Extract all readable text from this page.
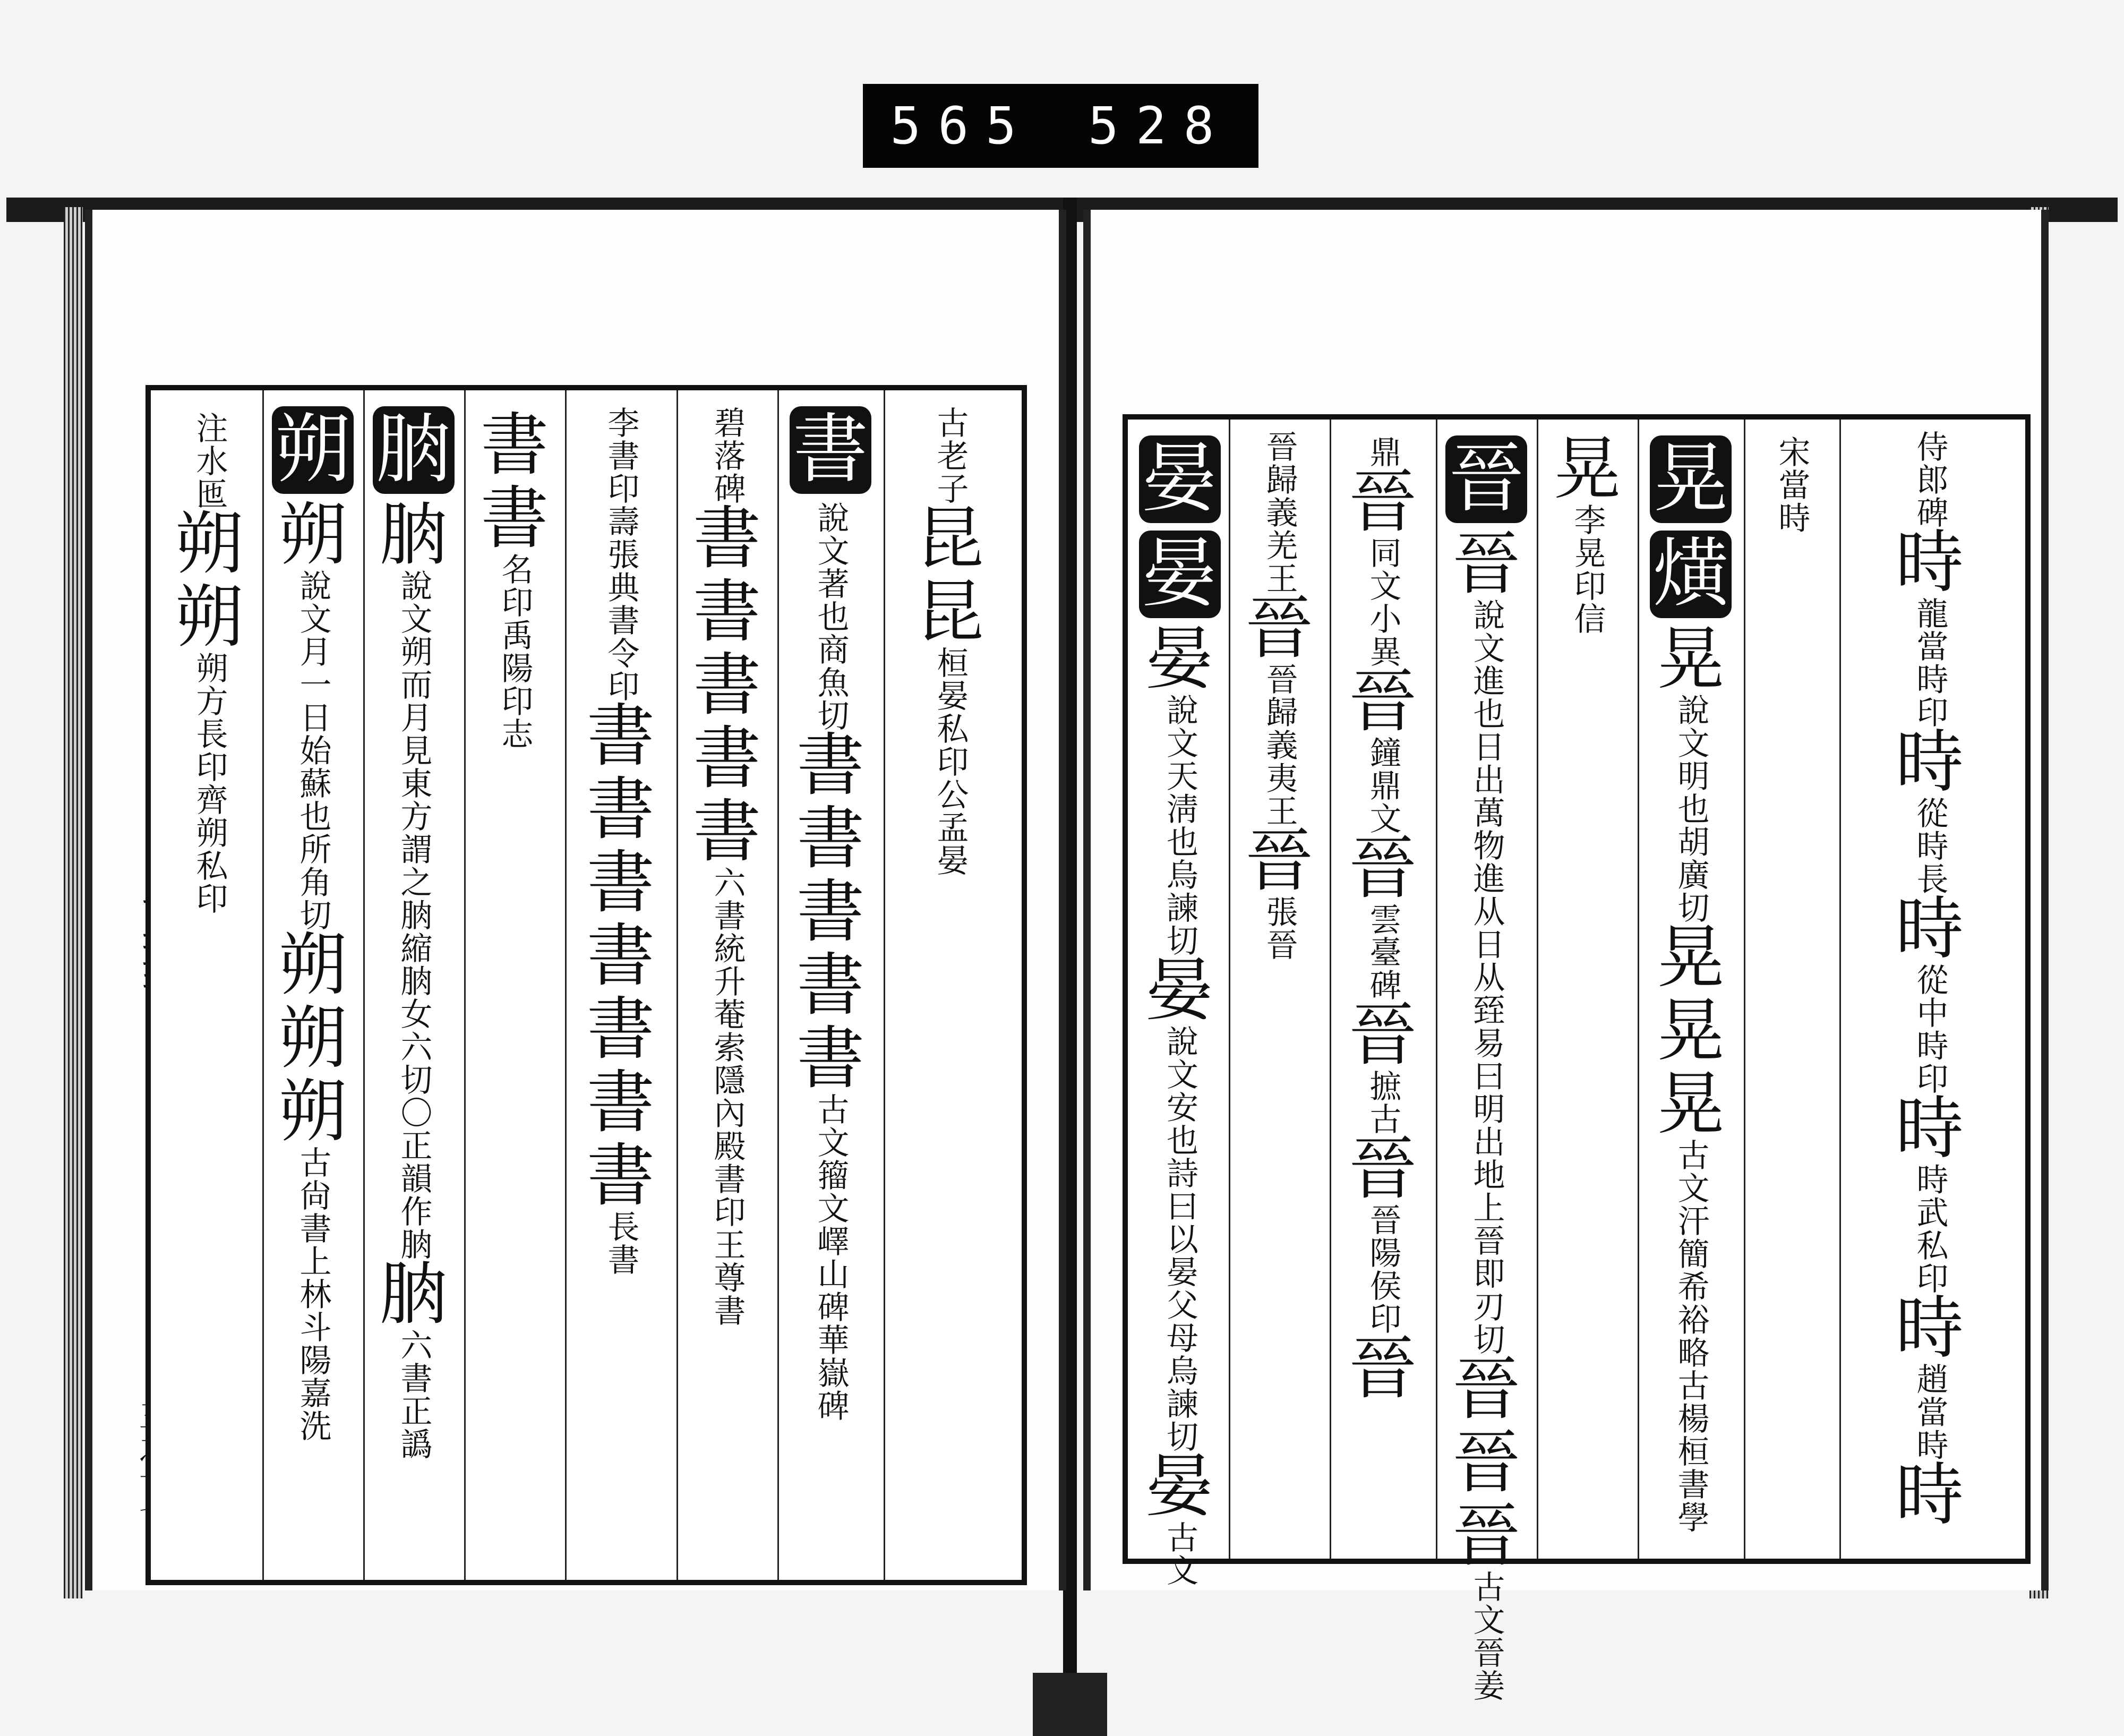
565 528
注水
匜
朔
朔
朔方
長印
齊朔
私印
朔
朔
說文月一日始
蘇也所角切
朔
朔
朔
古尙
書
上林
斗
陽嘉
洗
朒
朒
說文朔而月見東方謂之朒
縮朒女六切〇正韻作朒
朒
六書
正譌
書
書
名
印
禹陽
印志
李書
印
壽張典
書令印
書
書
書
書
書
書
書
長
書
碧落
碑
書
書
書
書
書
六書
統
升菴
索隱
內殿
書印
王尊
書
書
說文著也
商魚切
書
書
書
書
書
古文
籀文
嶧山
碑
華嶽
碑
古老
子
昆
昆
桓晏
私印
公孟
晏
晏
晏
晏
說文天淸
也烏諫切
晏
說文安也詩曰以
晏父母烏諫切
晏
古文
晉歸義
羌王
晉
晉歸義
夷王
晉
張
晉
鼎
晉
同文
小異
晉
鐘鼎
文
晉
雲臺
碑
晉
摭
古
晉
晉陽
侯印
晉
晉
晉
說文進也日出萬物進从日从
臸易曰明出地上晉即刃切
晉
晉
晉
古文
晉
姜
晃
李晃
印信
晃
熿
晃
說文明也
胡廣切
晃
晃
晃
古文
汗簡
希裕
略古
楊桓
書學
宋當
時
侍郎
碑
時
龍當
時印
時
從時
長
時
從中
時印
時
時武
私印
時
趙當
時
時
